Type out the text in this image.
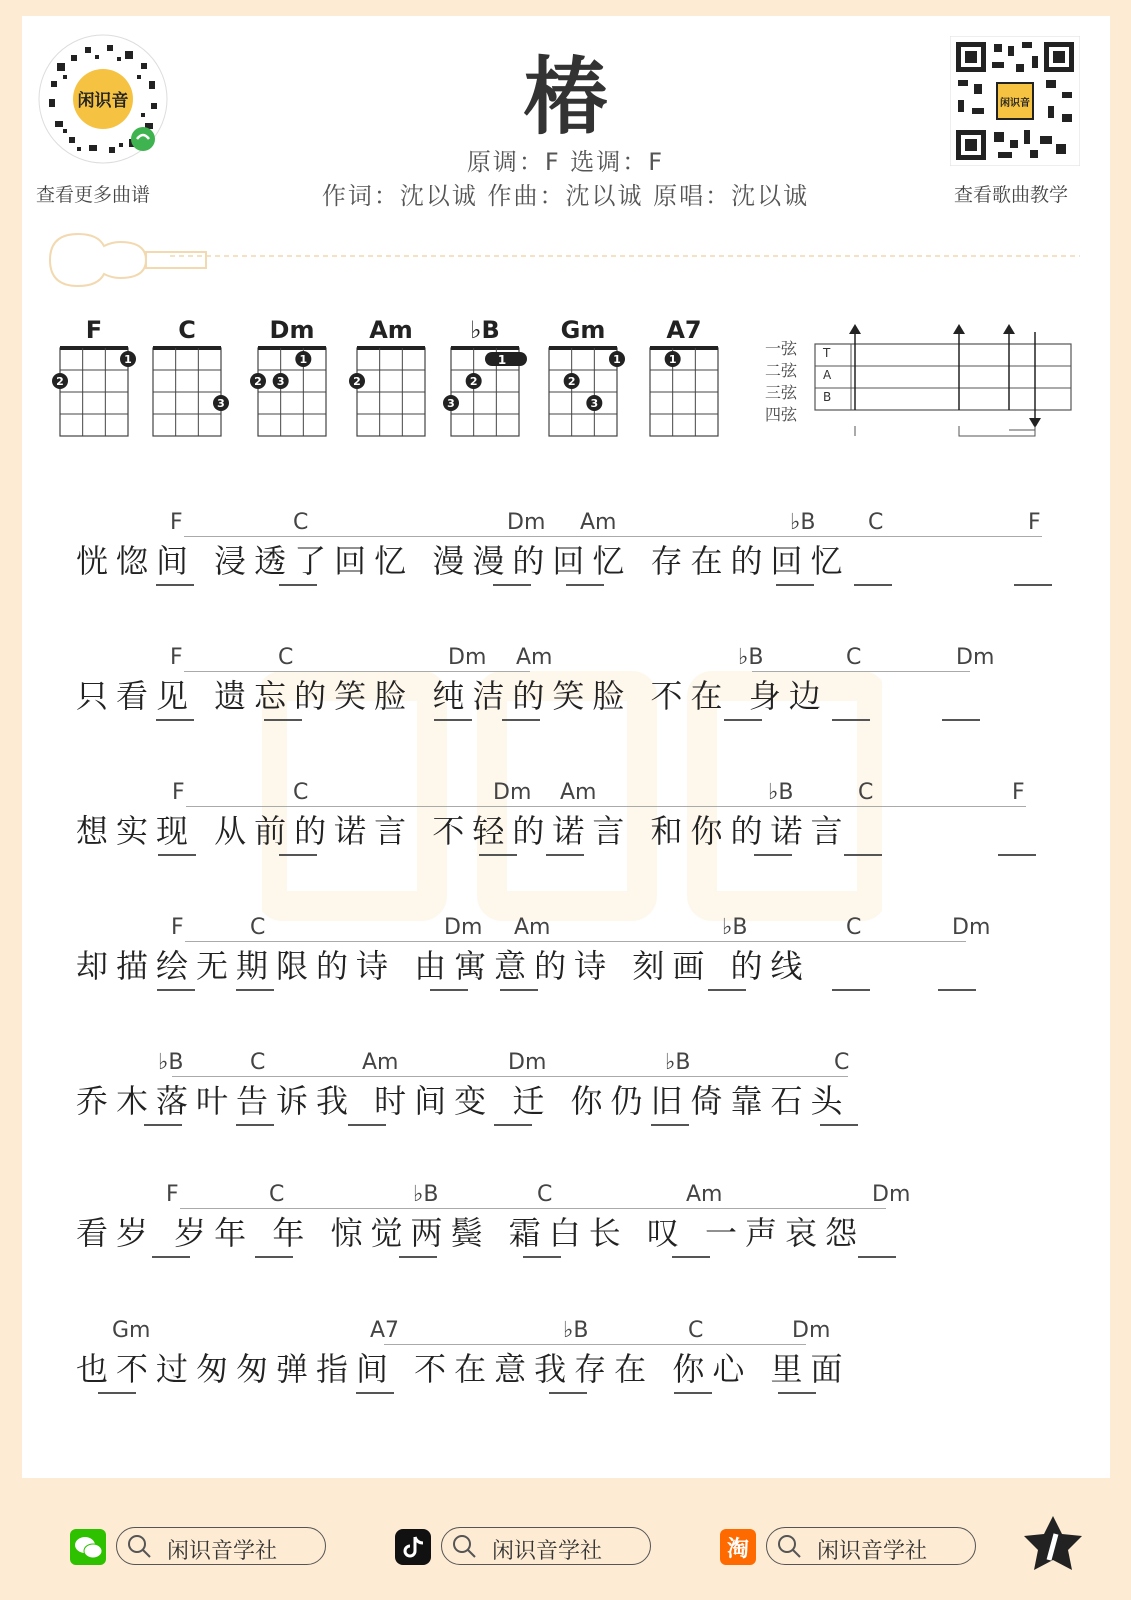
闲识音
查看更多曲谱
闲识音
查看歌曲教学
椿
原调：F 选调：F
作词：沈以诚 作曲：沈以诚 原唱：沈以诚
F
1
2
C
3
Dm
1
2 3
Am
2
♭B
1
2
3
Gm
1
2
3
A7
1
一弦
二弦
三弦
四弦
T
A
B
F	C	Dm Am	♭B C	F
恍惚间 浸透了回忆 漫漫的回忆 存在的回忆
F	C	Dm Am	♭B	C	Dm
只看见 遗忘的笑脸 纯洁的笑脸 不在 身边
F	C	Dm Am	♭B	C	F
想实现 从前的诺言 不轻的诺言 和你的诺言
F	C	Dm Am	♭B	C	Dm
却描绘无期限的诗 由寓意的诗 刻画 的线
♭B	C	Am	Dm	♭B	C
乔木落叶告诉我 时间变 迁 你仍旧倚靠石头
F	C	♭B	C	Am	Dm
看岁 岁年 年 惊觉两鬓 霜白长 叹 一声哀怨
Gm	A7	♭B	C	Dm
也不过匆匆弹指间 不在意我存在 你心 里面
闲识音学社	闲识音学社	淘	闲识音学社
